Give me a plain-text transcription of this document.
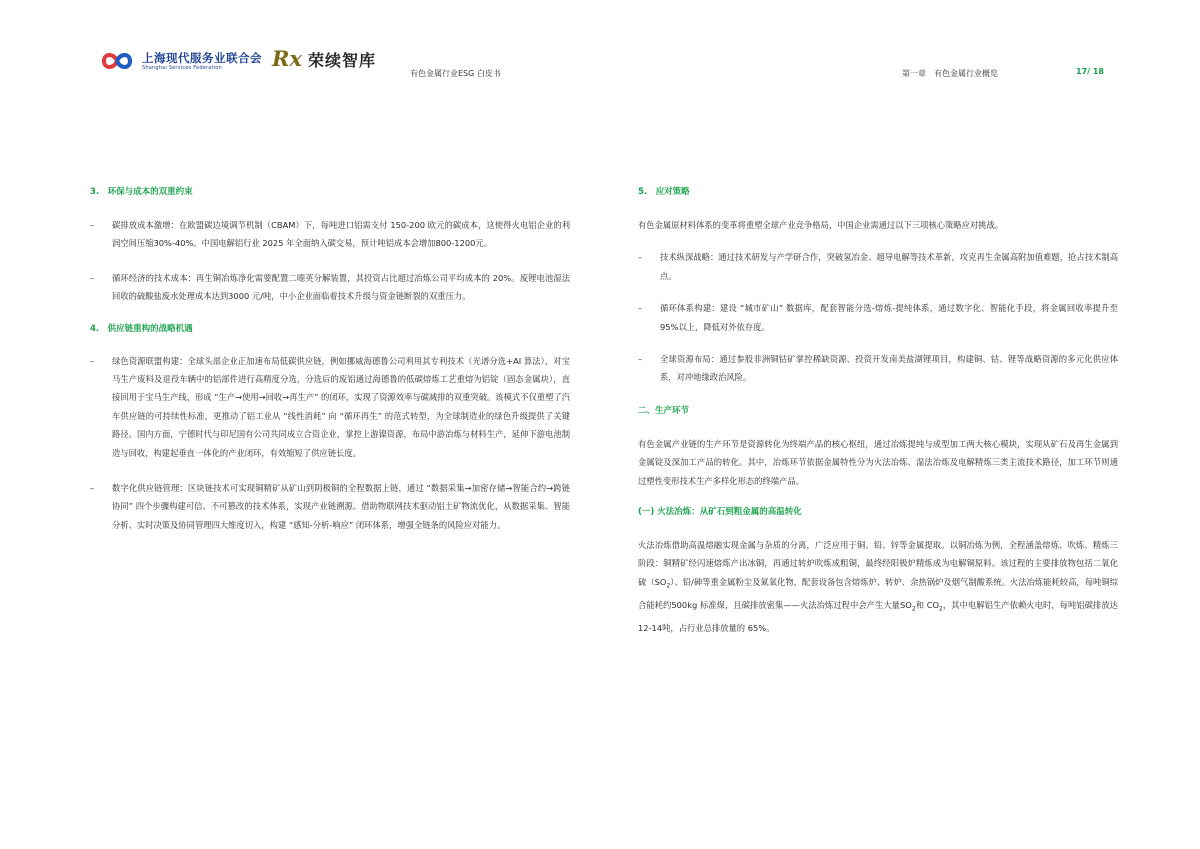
上海现代服务业联合会
Shanghai Services Federation	Rx 荣续智库
有色金属行业ESG 白皮书	第一章　有色金属行业概览	17/ 18
3.　环保与成本的双重约束
– 碳排放成本激增：在欧盟碳边境调节机制（CBAM）下，每吨进口铝需支付 150-200 欧元的碳成本，这使得火电铝企业的利润空间压缩30%-40%。中国电解铝行业 2025 年全面纳入碳交易，预计吨铝成本会增加800-1200元。
– 循环经济的技术成本：再生铜冶炼净化需要配置二噁英分解装置，其投资占比超过冶炼公司平均成本的 20%。废锂电池湿法回收的硫酸盐废水处理成本达到3000 元/吨，中小企业面临着技术升级与资金链断裂的双重压力。
4.　供应链重构的战略机遇
– 绿色资源联盟构建：全球头部企业正加速布局低碳供应链，例如挪威海德鲁公司利用其专利技术（光谱分选+AI 算法），对宝马生产废料及退役车辆中的铝部件进行高精度分选，分选后的废铝通过海德鲁的低碳熔炼工艺重熔为铝锭（固态金属块），直接回用于宝马生产线，形成 “生产→使用→回收→再生产” 的闭环，实现了资源效率与碳减排的双重突破。该模式不仅重塑了汽车供应链的可持续性标准，更推动了铝工业从 “线性消耗” 向 “循环再生” 的范式转型，为全球制造业的绿色升级提供了关键路径。国内方面，宁德时代与印尼国有公司共同成立合资企业，掌控上游镍资源，布局中游冶炼与材料生产，延伸下游电池制造与回收，构建起垂直一体化的产业闭环，有效缩短了供应链长度。
– 数字化供应链管理：区块链技术可实现铜精矿从矿山到阴极铜的全程数据上链，通过 “数据采集→加密存储→智能合约→跨链协同” 四个步骤构建可信、不可篡改的技术体系，实现产业链溯源。借助物联网技术驱动铝土矿物流优化，从数据采集、智能分析、实时决策及协同管理四大维度切入，构建 “感知-分析-响应” 闭环体系，增强全链条的风险应对能力。
5.　应对策略
有色金属原材料体系的变革将重塑全球产业竞争格局，中国企业需通过以下三项核心策略应对挑战。
– 技术纵深战略：通过技术研发与产学研合作，突破氢冶金、超导电解等技术革新，攻克再生金属高附加值难题，抢占技术制高点。
– 循环体系构建：建设 “城市矿山” 数据库，配套智能分选-熔炼-提纯体系，通过数字化、智能化手段，将金属回收率提升至 95%以上，降低对外依存度。
– 全球资源布局：通过参股非洲铜钴矿掌控稀缺资源、投资开发南美盐湖锂项目，构建铜、钴、锂等战略资源的多元化供应体系，对冲地缘政治风险。
二、生产环节
有色金属产业链的生产环节是资源转化为终端产品的核心枢纽，通过冶炼提纯与成型加工两大核心模块，实现从矿石及再生金属到金属锭及深加工产品的转化。其中，冶炼环节依据金属特性分为火法冶炼、湿法冶炼及电解精炼三类主流技术路径，加工环节则通过塑性变形技术生产多样化形态的终端产品。
(一) 火法冶炼：从矿石到粗金属的高温转化
火法冶炼借助高温熔融实现金属与杂质的分离，广泛应用于铜、铅、锌等金属提取。以铜冶炼为例，全程涵盖熔炼、吹炼、精炼三阶段：铜精矿经闪速熔炼产出冰铜，再通过转炉吹炼成粗铜，最终经阳极炉精炼成为电解铜原料。该过程的主要排放物包括二氧化硫$(SO_2)$、铅/砷等重金属粉尘及氮氧化物，配套设备包含熔炼炉、转炉、余热锅炉及烟气制酸系统。火法冶炼能耗较高，每吨铜综合能耗约500kg 标准煤，且碳排放密集——火法冶炼过程中会产生大量$SO_2$和 $CO_2$，其中电解铝生产依赖火电时，每吨铝碳排放达 12-14吨，占行业总排放量的 65%。
